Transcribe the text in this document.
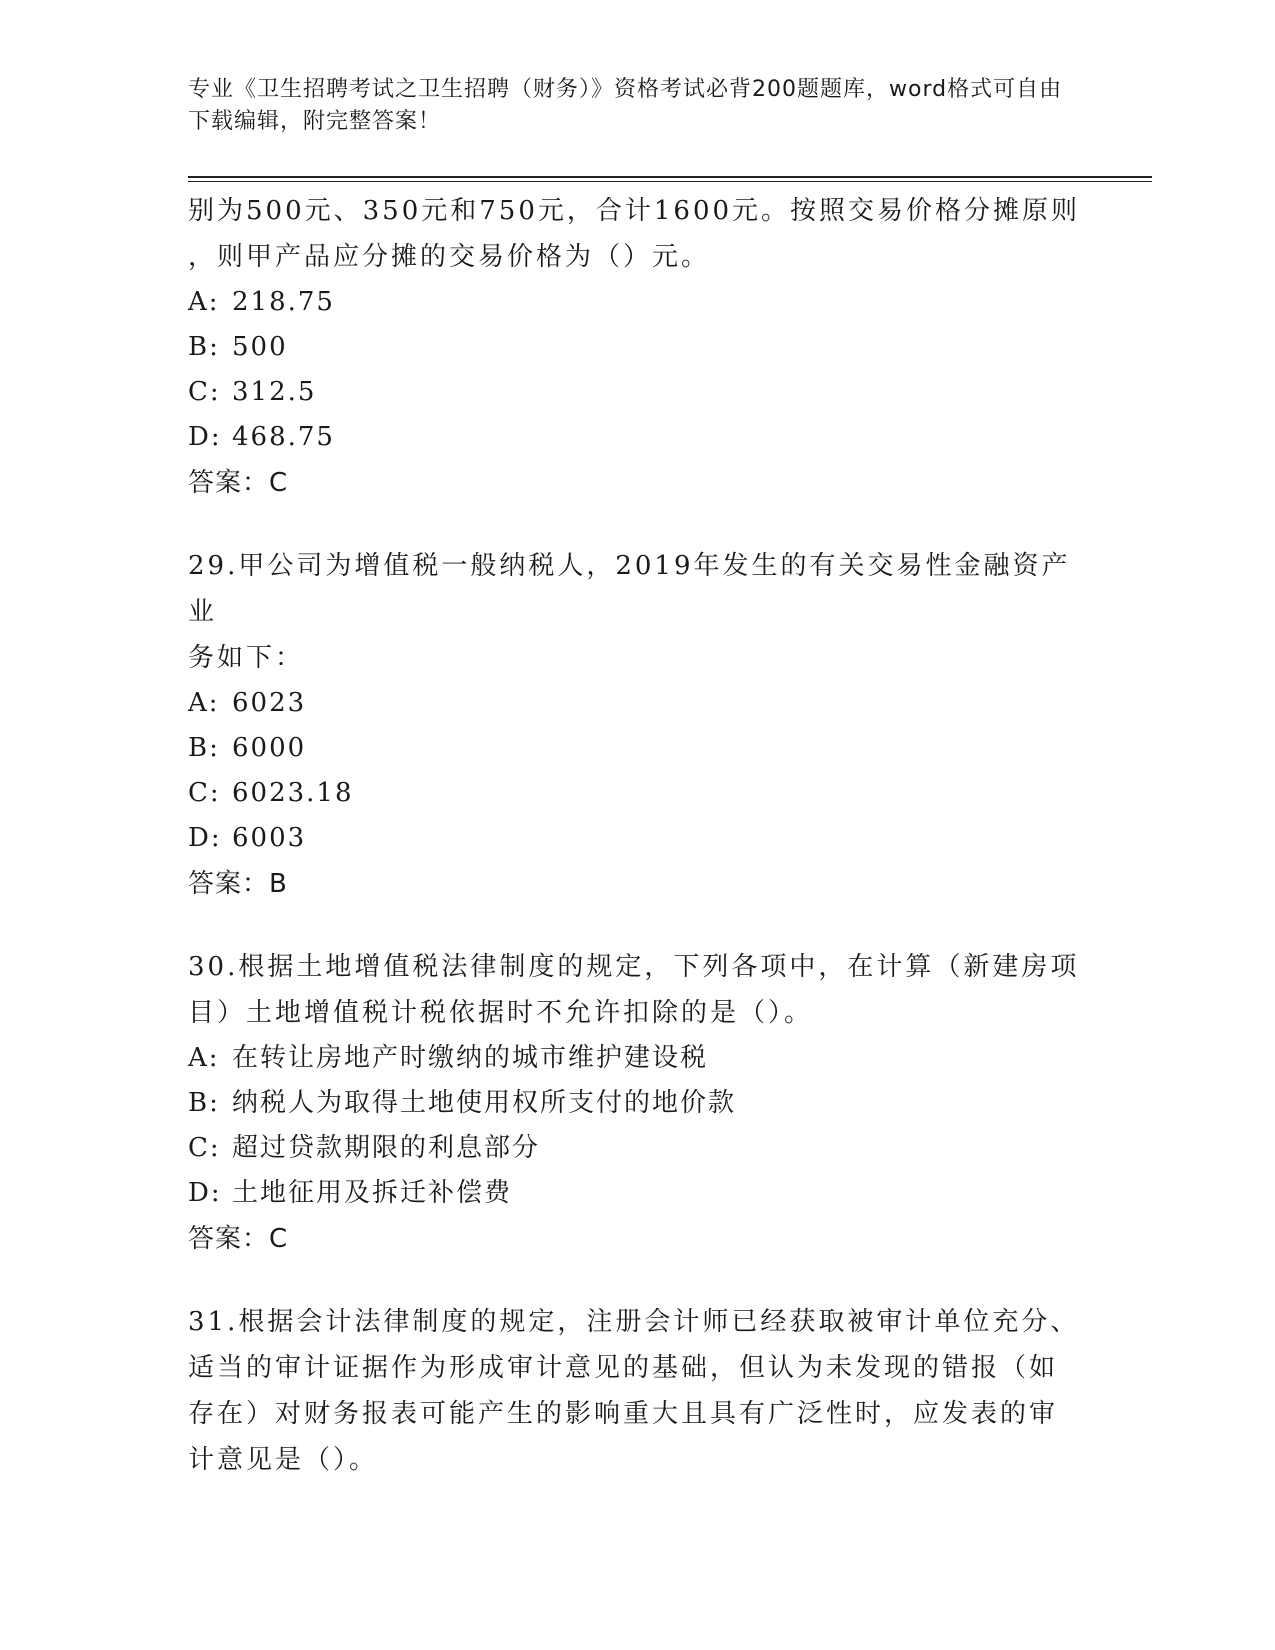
专业《卫生招聘考试之卫生招聘（财务）》资格考试必背200题题库，word格式可自由下载编辑，附完整答案！

别为500元、350元和750元，合计1600元。按照交易价格分摊原则

，则甲产品应分摊的交易价格为（）元。

A: 218.75

B: 500

C: 312.5

D: 468.75

答案：C

29.甲公司为增值税一般纳税人，2019年发生的有关交易性金融资产业

务如下：

A: 6023

B: 6000

C: 6023.18

D: 6003

答案：B

30.根据土地增值税法律制度的规定，下列各项中，在计算（新建房项

目）土地增值税计税依据时不允许扣除的是（）。

A: 在转让房地产时缴纳的城市维护建设税

B: 纳税人为取得土地使用权所支付的地价款

C: 超过贷款期限的利息部分

D: 土地征用及拆迁补偿费

答案：C

31.根据会计法律制度的规定，注册会计师已经获取被审计单位充分、

适当的审计证据作为形成审计意见的基础，但认为未发现的错报（如

存在）对财务报表可能产生的影响重大且具有广泛性时，应发表的审

计意见是（）。
